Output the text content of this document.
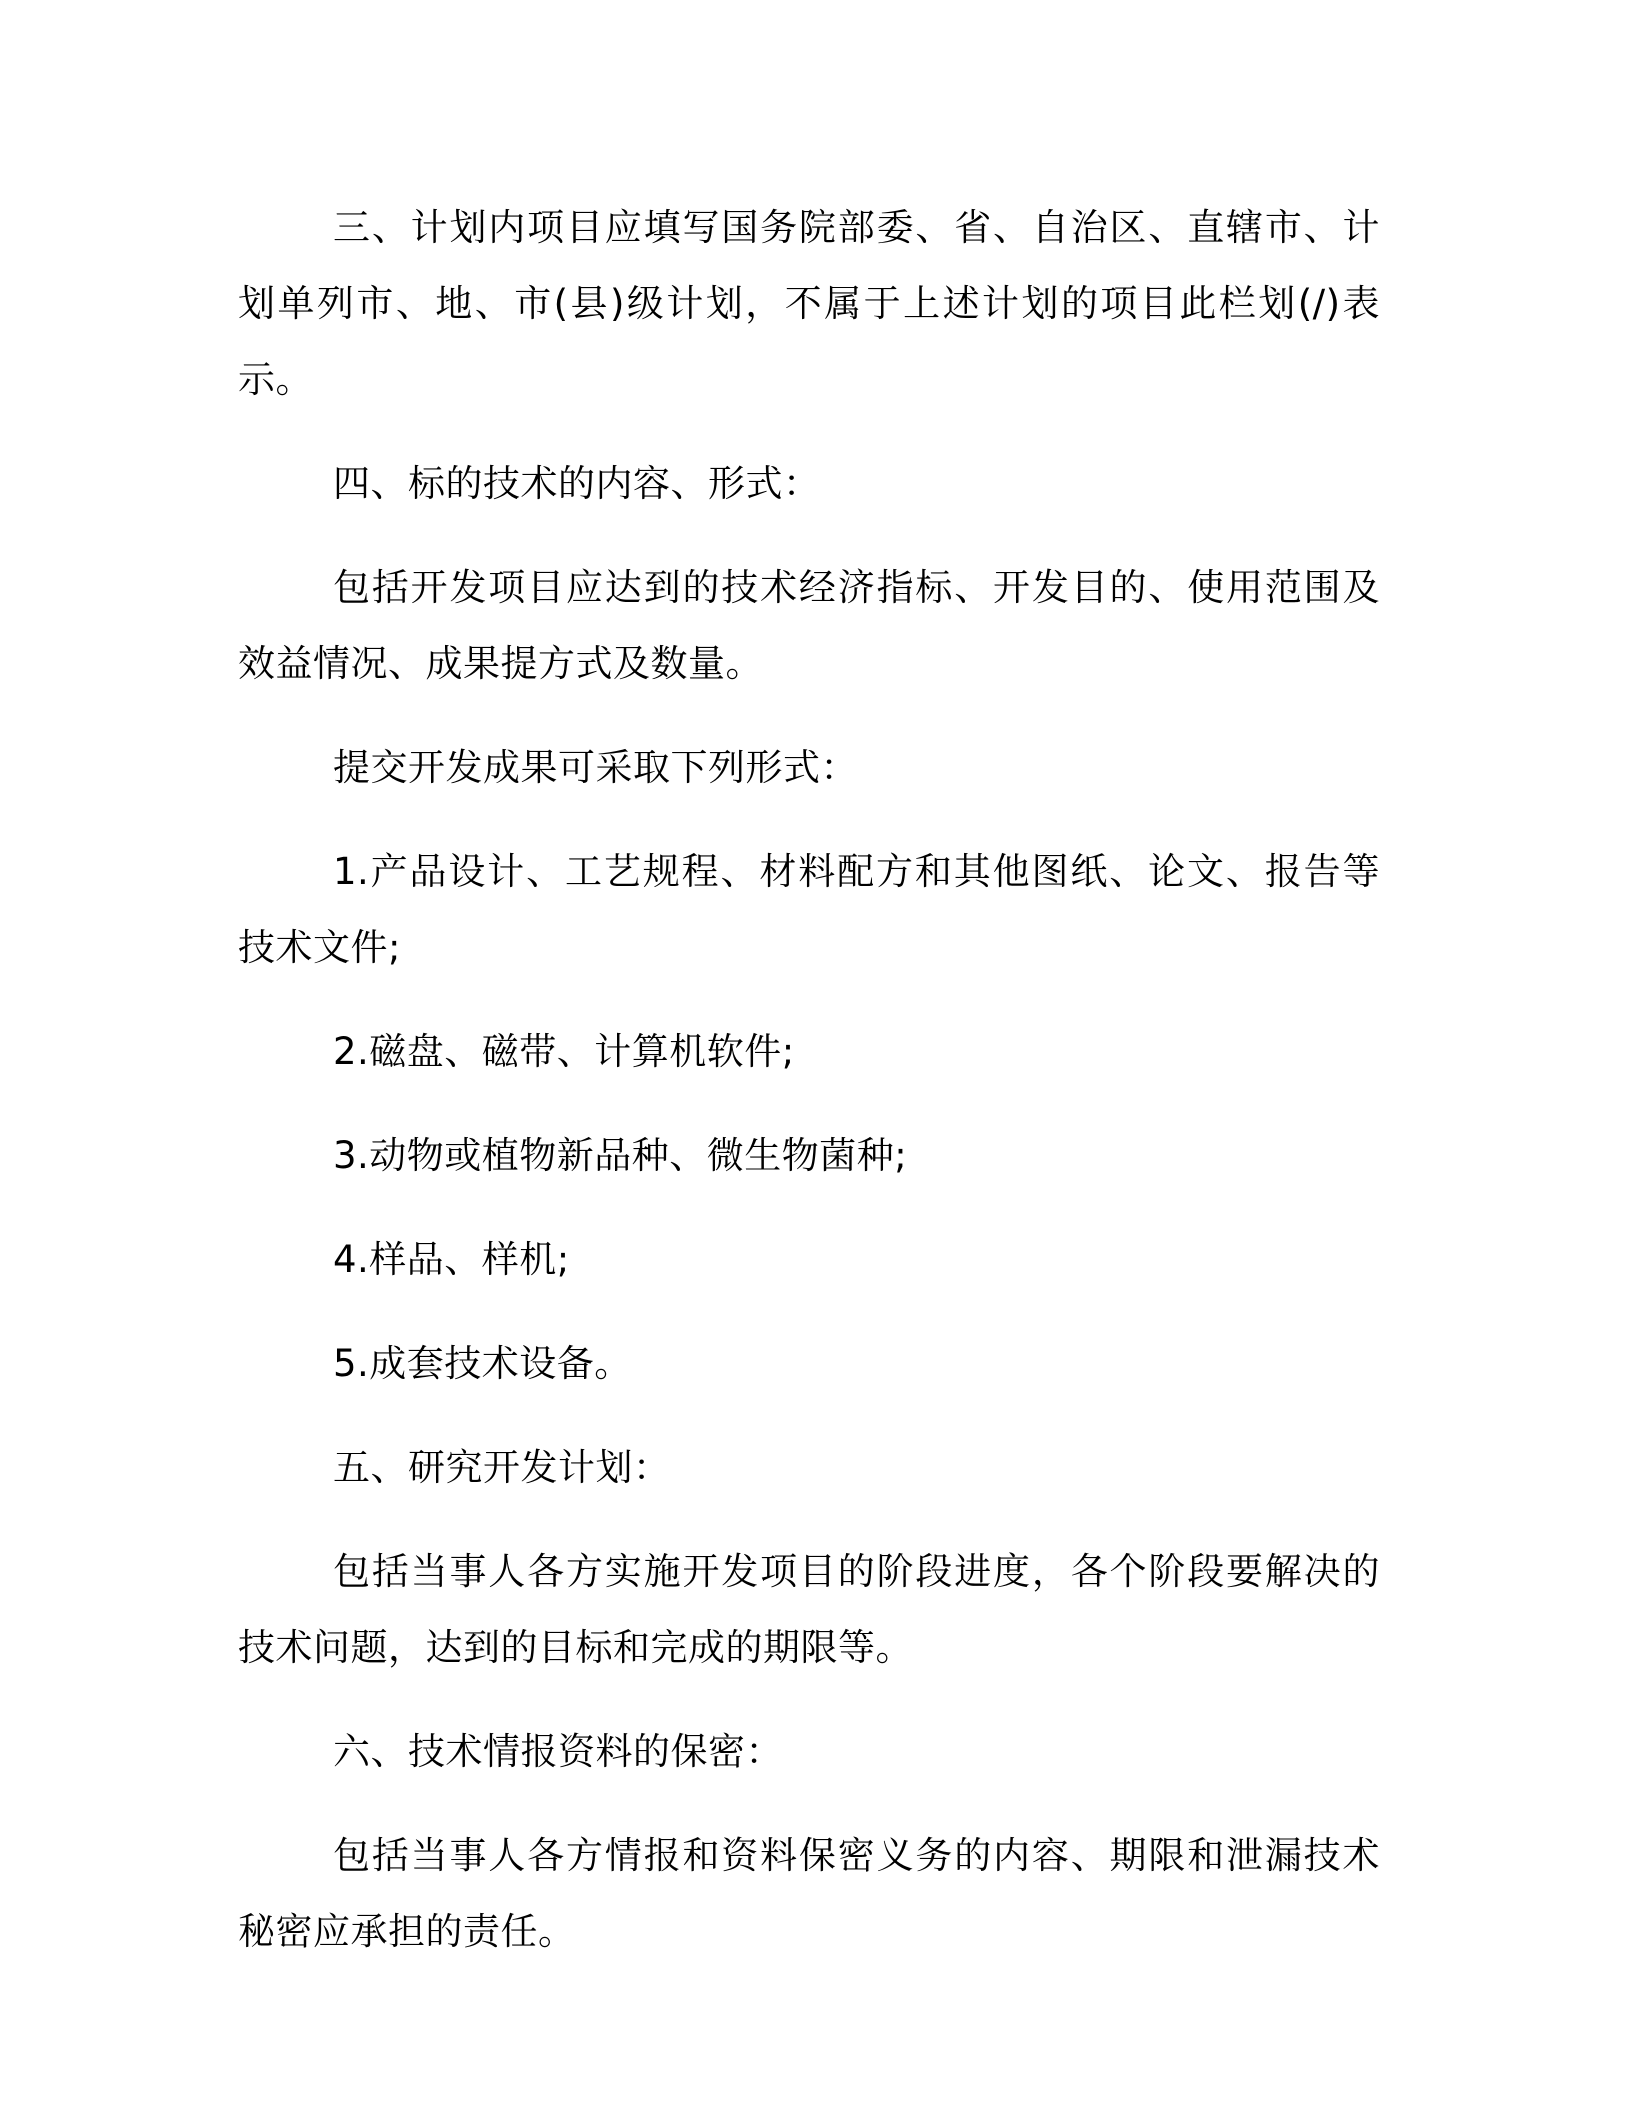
三、计划内项目应填写国务院部委、省、自治区、直辖市、计划单列市、地、市(县)级计划，不属于上述计划的项目此栏划(/)表示。

四、标的技术的内容、形式：

包括开发项目应达到的技术经济指标、开发目的、使用范围及效益情况、成果提方式及数量。

提交开发成果可采取下列形式：

1.产品设计、工艺规程、材料配方和其他图纸、论文、报告等技术文件;

2.磁盘、磁带、计算机软件;

3.动物或植物新品种、微生物菌种;

4.样品、样机;

5.成套技术设备。

五、研究开发计划：

包括当事人各方实施开发项目的阶段进度，各个阶段要解决的技术问题，达到的目标和完成的期限等。

六、技术情报资料的保密：

包括当事人各方情报和资料保密义务的内容、期限和泄漏技术秘密应承担的责任。
